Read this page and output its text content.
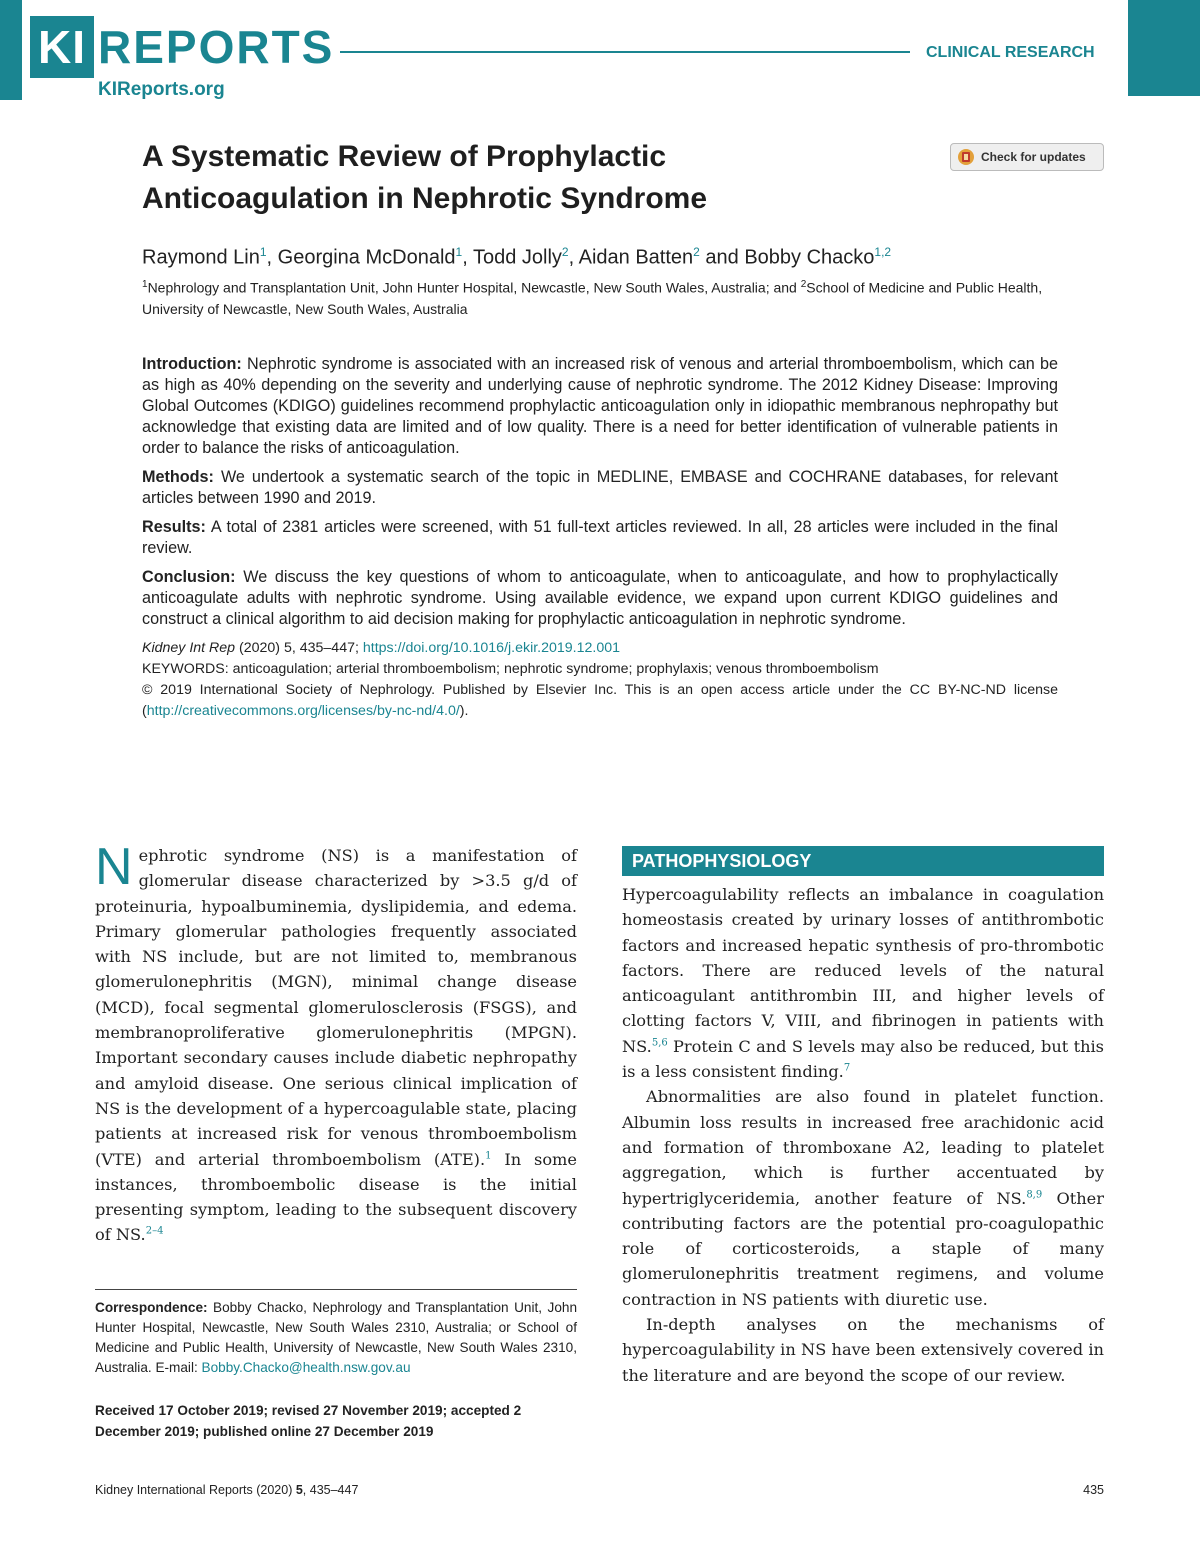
KI REPORTS
KIReports.org
CLINICAL RESEARCH
A Systematic Review of Prophylactic
Anticoagulation in Nephrotic Syndrome
Check for updates
Raymond Lin$^1$, Georgina McDonald$^1$, Todd Jolly$^2$, Aidan Batten$^2$ and Bobby Chacko$^{1,2}$
$^1$Nephrology and Transplantation Unit, John Hunter Hospital, Newcastle, New South Wales, Australia; and $^2$School of Medicine and Public Health, University of Newcastle, New South Wales, Australia

Introduction: Nephrotic syndrome is associated with an increased risk of venous and arterial thromboembolism, which can be as high as 40% depending on the severity and underlying cause of nephrotic syndrome. The 2012 Kidney Disease: Improving Global Outcomes (KDIGO) guidelines recommend prophylactic anticoagulation only in idiopathic membranous nephropathy but acknowledge that existing data are limited and of low quality. There is a need for better identification of vulnerable patients in order to balance the risks of anticoagulation.

Methods: We undertook a systematic search of the topic in MEDLINE, EMBASE and COCHRANE databases, for relevant articles between 1990 and 2019.

Results: A total of 2381 articles were screened, with 51 full-text articles reviewed. In all, 28 articles were included in the final review.

Conclusion: We discuss the key questions of whom to anticoagulate, when to anticoagulate, and how to prophylactically anticoagulate adults with nephrotic syndrome. Using available evidence, we expand upon current KDIGO guidelines and construct a clinical algorithm to aid decision making for prophylactic anticoagulation in nephrotic syndrome.

Kidney Int Rep (2020) 5, 435–447; https://doi.org/10.1016/j.ekir.2019.12.001

KEYWORDS: anticoagulation; arterial thromboembolism; nephrotic syndrome; prophylaxis; venous thromboembolism

© 2019 International Society of Nephrology. Published by Elsevier Inc. This is an open access article under the CC BY-NC-ND license (http://creativecommons.org/licenses/by-nc-nd/4.0/).

Nephrotic syndrome (NS) is a manifestation of glomerular disease characterized by >3.5 g/d of proteinuria, hypoalbuminemia, dyslipidemia, and edema. Primary glomerular pathologies frequently associated with NS include, but are not limited to, membranous glomerulonephritis (MGN), minimal change disease (MCD), focal segmental glomerulosclerosis (FSGS), and membranoproliferative glomerulonephritis (MPGN). Important secondary causes include diabetic nephropathy and amyloid disease. One serious clinical implication of NS is the development of a hypercoagulable state, placing patients at increased risk for venous thromboembolism (VTE) and arterial thromboembolism (ATE).$^1$ In some instances, thromboembolic disease is the initial presenting symptom, leading to the subsequent discovery of NS.$^{2-4}$

PATHOPHYSIOLOGY

Hypercoagulability reflects an imbalance in coagulation homeostasis created by urinary losses of antithrombotic factors and increased hepatic synthesis of pro-thrombotic factors. There are reduced levels of the natural anticoagulant antithrombin III, and higher levels of clotting factors V, VIII, and fibrinogen in patients with NS.$^{5,6}$ Protein C and S levels may also be reduced, but this is a less consistent finding.$^7$

Abnormalities are also found in platelet function. Albumin loss results in increased free arachidonic acid and formation of thromboxane A2, leading to platelet aggregation, which is further accentuated by hypertriglyceridemia, another feature of NS.$^{8,9}$ Other contributing factors are the potential pro-coagulopathic role of corticosteroids, a staple of many glomerulonephritis treatment regimens, and volume contraction in NS patients with diuretic use.

In-depth analyses on the mechanisms of hypercoagulability in NS have been extensively covered in the literature and are beyond the scope of our review.

Correspondence: Bobby Chacko, Nephrology and Transplantation Unit, John Hunter Hospital, Newcastle, New South Wales 2310, Australia; or School of Medicine and Public Health, University of Newcastle, New South Wales 2310, Australia. E-mail: Bobby.Chacko@health.nsw.gov.au

Received 17 October 2019; revised 27 November 2019; accepted 2 December 2019; published online 27 December 2019
Kidney International Reports (2020) 5, 435–447	435
